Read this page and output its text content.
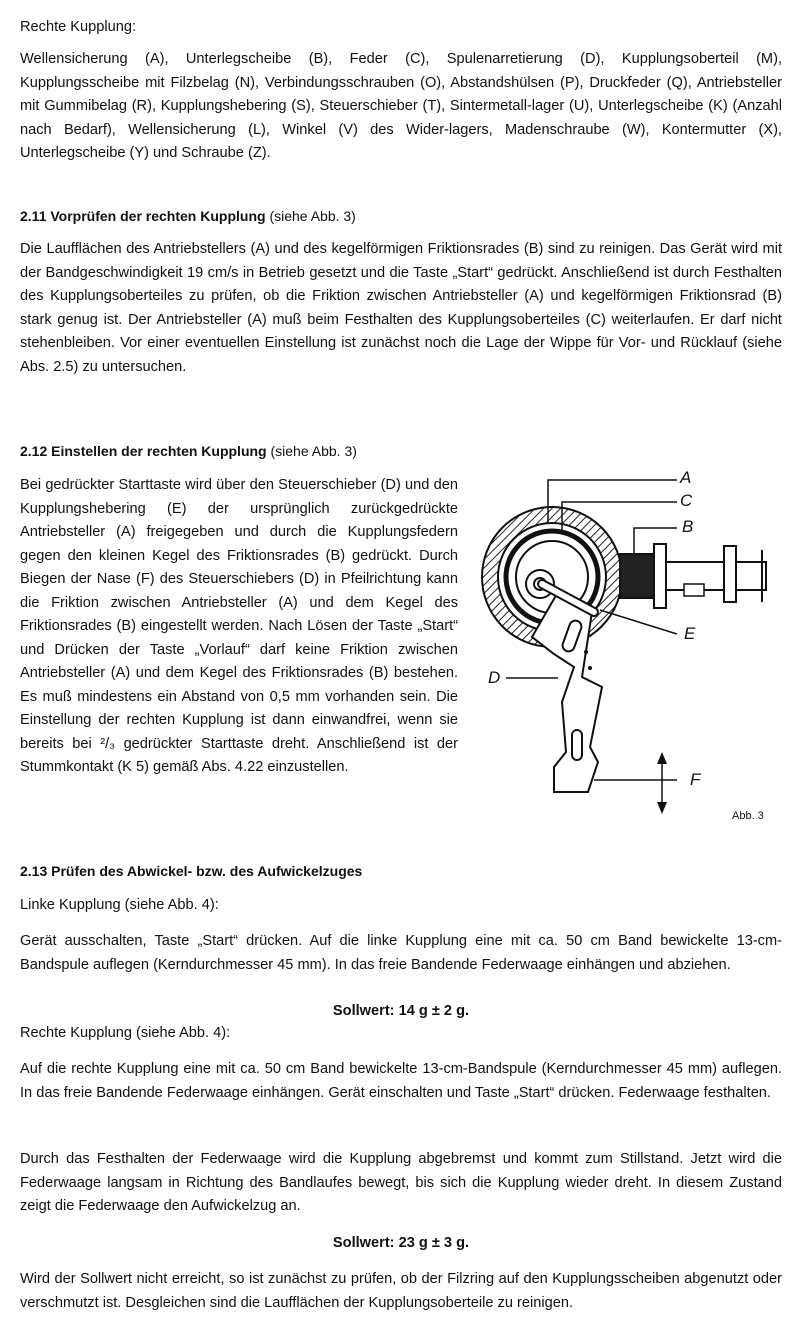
Rechte Kupplung:

Wellensicherung (A), Unterlegscheibe (B), Feder (C), Spulenarretierung (D), Kupplungsoberteil (M), Kupplungsscheibe mit Filzbelag (N), Verbindungsschrauben (O), Abstandshülsen (P), Druckfeder (Q), Antriebsteller mit Gummibelag (R), Kupplungshebering (S), Steuerschieber (T), Sintermetall-lager (U), Unterlegscheibe (K) (Anzahl nach Bedarf), Wellensicherung (L), Winkel (V) des Wider-lagers, Madenschraube (W), Kontermutter (X), Unterlegscheibe (Y) und Schraube (Z).

2.11 Vorprüfen der rechten Kupplung (siehe Abb. 3)

Die Laufflächen des Antriebstellers (A) und des kegelförmigen Friktionsrades (B) sind zu reinigen. Das Gerät wird mit der Bandgeschwindigkeit 19 cm/s in Betrieb gesetzt und die Taste „Start“ gedrückt. Anschließend ist durch Festhalten des Kupplungsoberteiles zu prüfen, ob die Friktion zwischen Antriebsteller (A) und kegelförmigen Friktionsrad (B) stark genug ist. Der Antriebsteller (A) muß beim Festhalten des Kupplungsoberteiles (C) weiterlaufen. Er darf nicht stehenbleiben. Vor einer eventuellen Einstellung ist zunächst noch die Lage der Wippe für Vor- und Rücklauf (siehe Abs. 2.5) zu untersuchen.

2.12 Einstellen der rechten Kupplung (siehe Abb. 3)

Bei gedrückter Starttaste wird über den Steuerschieber (D) und den Kupplungshebering (E) der ursprünglich zurückgedrückte Antriebsteller (A) freigegeben und durch die Kupplungsfedern gegen den kleinen Kegel des Friktionsrades (B) gedrückt. Durch Biegen der Nase (F) des Steuerschiebers (D) in Pfeilrichtung kann die Friktion zwischen Antriebsteller (A) und dem Kegel des Friktionsrades (B) eingestellt werden. Nach Lösen der Taste „Start“ und Drücken der Taste „Vorlauf“ darf keine Friktion zwischen Antriebsteller (A) und dem Kegel des Friktionsrades (B) bestehen. Es muß mindestens ein Abstand von 0,5 mm vorhanden sein. Die Einstellung der rechten Kupplung ist dann einwandfrei, wenn sie bereits bei ²/₃ gedrückter Starttaste dreht. Anschließend ist der Stummkontakt (K 5) gemäß Abs. 4.22 einzustellen.

2.13 Prüfen des Abwickel- bzw. des Aufwickelzuges

Linke Kupplung (siehe Abb. 4):

Gerät ausschalten, Taste „Start“ drücken. Auf die linke Kupplung eine mit ca. 50 cm Band bewickelte 13-cm-Bandspule auflegen (Kerndurchmesser 45 mm). In das freie Bandende Federwaage einhängen und abziehen.

Sollwert: 14 g ± 2 g.

Rechte Kupplung (siehe Abb. 4):

Auf die rechte Kupplung eine mit ca. 50 cm Band bewickelte 13-cm-Bandspule (Kerndurchmesser 45 mm) auflegen. In das freie Bandende Federwaage einhängen. Gerät einschalten und Taste „Start“ drücken. Federwaage festhalten.

Durch das Festhalten der Federwaage wird die Kupplung abgebremst und kommt zum Stillstand. Jetzt wird die Federwaage langsam in Richtung des Bandlaufes bewegt, bis sich die Kupplung wieder dreht. In diesem Zustand zeigt die Federwaage den Aufwickelzug an.

Sollwert: 23 g ± 3 g.

Wird der Sollwert nicht erreicht, so ist zunächst zu prüfen, ob der Filzring auf den Kupplungsscheiben abgenutzt oder verschmutzt ist. Desgleichen sind die Laufflächen der Kupplungsoberteile zu reinigen.

A
C
B
E
D
F
Abb. 3
